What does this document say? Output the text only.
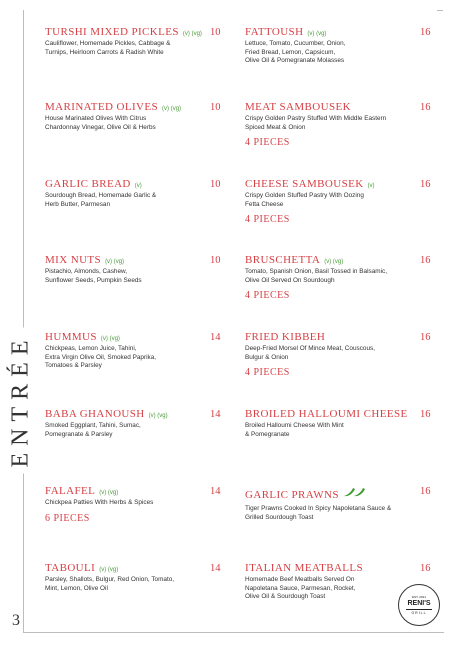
ENTRÉE
3
TURSHI MIXED PICKLES (v) (vg)
Cauliflower, Homemade Pickles, Cabbage &
Turnips, Heirloom Carrots & Radish White
10
MARINATED OLIVES (v) (vg)
House Marinated Olives With Citrus
Chardonnay Vinegar, Olive Oil & Herbs
10
GARLIC BREAD (v)
Sourdough Bread, Homemade Garlic &
Herb Butter, Parmesan
10
MIX NUTS (v) (vg)
Pistachio, Almonds, Cashew,
Sunflower Seeds, Pumpkin Seeds
10
HUMMUS (v) (vg)
Chickpeas, Lemon Juice, Tahini,
Extra Virgin Olive Oil, Smoked Paprika,
Tomatoes & Parsley
14
BABA GHANOUSH (v) (vg)
Smoked Eggplant, Tahini, Sumac,
Pomegranate & Parsley
14
FALAFEL (v) (vg)
Chickpea Patties With Herbs & Spices
6 PIECES
14
TABOULI (v) (vg)
Parsley, Shallots, Bulgur, Red Onion, Tomato,
Mint, Lemon, Olive Oil
14
FATTOUSH (v) (vg)
Lettuce, Tomato, Cucumber, Onion,
Fried Bread, Lemon, Capsicum,
Olive Oil & Pomegranate Molasses
16
MEAT SAMBOUSEK
Crispy Golden Pastry Stuffed With Middle Eastern
Spiced Meat & Onion
4 PIECES
16
CHEESE SAMBOUSEK (v)
Crispy Golden Stuffed Pastry With Oozing
Fetta Cheese
4 PIECES
16
BRUSCHETTA (v) (vg)
Tomato, Spanish Onion, Basil Tossed in Balsamic,
Olive Oil Served On Sourdough
4 PIECES
16
FRIED KIBBEH
Deep-Fried Morsel Of Mince Meat, Couscous,
Bulgur & Onion
4 PIECES
16
BROILED HALLOUMI CHEESE
Broiled Halloumi Cheese With Mint
& Pomegranate
16
GARLIC PRAWNS
Tiger Prawns Cooked In Spicy Napoletana Sauce &
Grilled Sourdough Toast
16
ITALIAN MEATBALLS
Homemade Beef Meatballs Served On
Napoletana Sauce, Parmesan, Rocket,
Olive Oil & Sourdough Toast
16
EST. 2021
RENI'S
GRILL
